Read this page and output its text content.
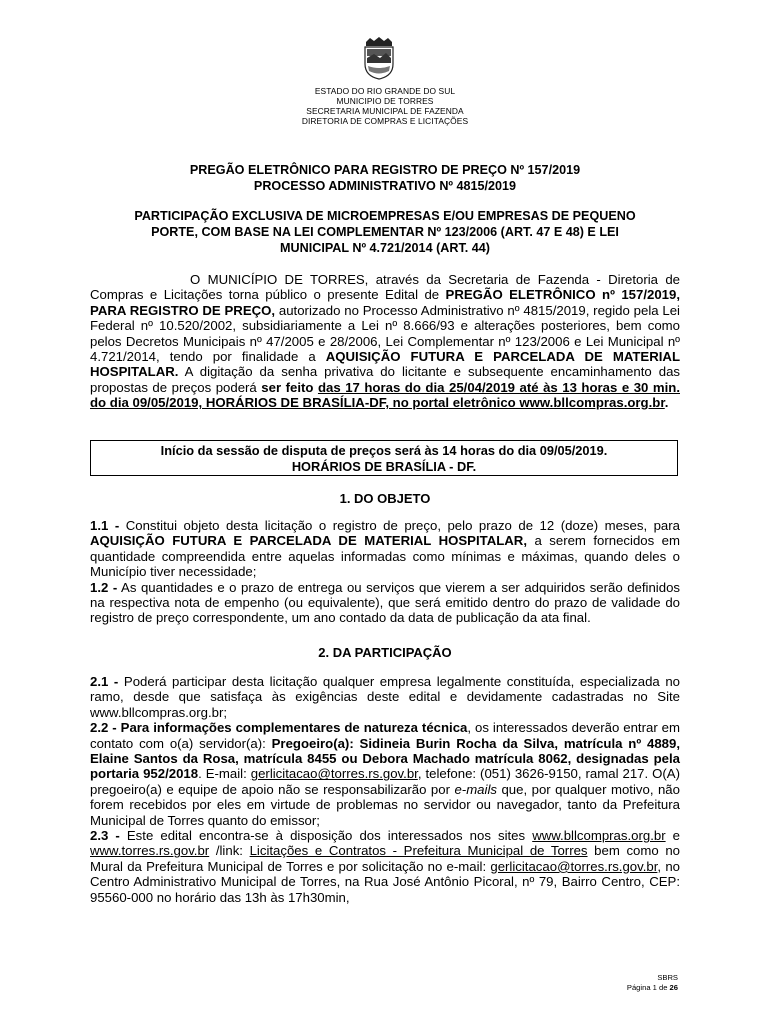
ESTADO DO RIO GRANDE DO SUL
MUNICIPIO DE TORRES
SECRETARIA MUNICIPAL DE FAZENDA
DIRETORIA DE COMPRAS E LICITAÇÕES
PREGÃO ELETRÔNICO PARA REGISTRO DE PREÇO Nº 157/2019
PROCESSO ADMINISTRATIVO Nº 4815/2019
PARTICIPAÇÃO EXCLUSIVA DE MICROEMPRESAS E/OU EMPRESAS DE PEQUENO
PORTE, COM BASE NA LEI COMPLEMENTAR Nº 123/2006 (ART. 47 E 48) E LEI
MUNICIPAL Nº 4.721/2014 (ART. 44)

O MUNICÍPIO DE TORRES, através da Secretaria de Fazenda - Diretoria de Compras e Licitações torna público o presente Edital de PREGÃO ELETRÔNICO nº 157/2019, PARA REGISTRO DE PREÇO, autorizado no Processo Administrativo nº 4815/2019, regido pela Lei Federal nº 10.520/2002, subsidiariamente a Lei nº 8.666/93 e alterações posteriores, bem como pelos Decretos Municipais nº 47/2005 e 28/2006, Lei Complementar nº 123/2006 e Lei Municipal nº 4.721/2014, tendo por finalidade a AQUISIÇÃO FUTURA E PARCELADA DE MATERIAL HOSPITALAR. A digitação da senha privativa do licitante e subsequente encaminhamento das propostas de preços poderá ser feito das 17 horas do dia 25/04/2019 até às 13 horas e 30 min. do dia 09/05/2019, HORÁRIOS DE BRASÍLIA-DF, no portal eletrônico www.bllcompras.org.br.

Início da sessão de disputa de preços será às 14 horas do dia 09/05/2019.
HORÁRIOS DE BRASÍLIA - DF.
1. DO OBJETO

1.1 - Constitui objeto desta licitação o registro de preço, pelo prazo de 12 (doze) meses, para AQUISIÇÃO FUTURA E PARCELADA DE MATERIAL HOSPITALAR, a serem fornecidos em quantidade compreendida entre aquelas informadas como mínimas e máximas, quando deles o Município tiver necessidade;

1.2 - As quantidades e o prazo de entrega ou serviços que vierem a ser adquiridos serão definidos na respectiva nota de empenho (ou equivalente), que será emitido dentro do prazo de validade do registro de preço correspondente, um ano contado da data de publicação da ata final.

2. DA PARTICIPAÇÃO

2.1 - Poderá participar desta licitação qualquer empresa legalmente constituída, especializada no ramo, desde que satisfaça às exigências deste edital e devidamente cadastradas no Site www.bllcompras.org.br;

2.2 - Para informações complementares de natureza técnica, os interessados deverão entrar em contato com o(a) servidor(a): Pregoeiro(a): Sidineia Burin Rocha da Silva, matrícula nº 4889, Elaine Santos da Rosa, matrícula 8455 ou Debora Machado matrícula 8062, designadas pela portaria 952/2018. E-mail: gerlicitacao@torres.rs.gov.br, telefone: (051) 3626-9150, ramal 217. O(A) pregoeiro(a) e equipe de apoio não se responsabilizarão por e-mails que, por qualquer motivo, não forem recebidos por eles em virtude de problemas no servidor ou navegador, tanto da Prefeitura Municipal de Torres quanto do emissor;

2.3 - Este edital encontra-se à disposição dos interessados nos sites www.bllcompras.org.br e www.torres.rs.gov.br /link: Licitações e Contratos - Prefeitura Municipal de Torres bem como no Mural da Prefeitura Municipal de Torres e por solicitação no e-mail: gerlicitacao@torres.rs.gov.br, no Centro Administrativo Municipal de Torres, na Rua José Antônio Picoral, nº 79, Bairro Centro, CEP: 95560-000 no horário das 13h às 17h30min,

SBRS
Página 1 de 26
